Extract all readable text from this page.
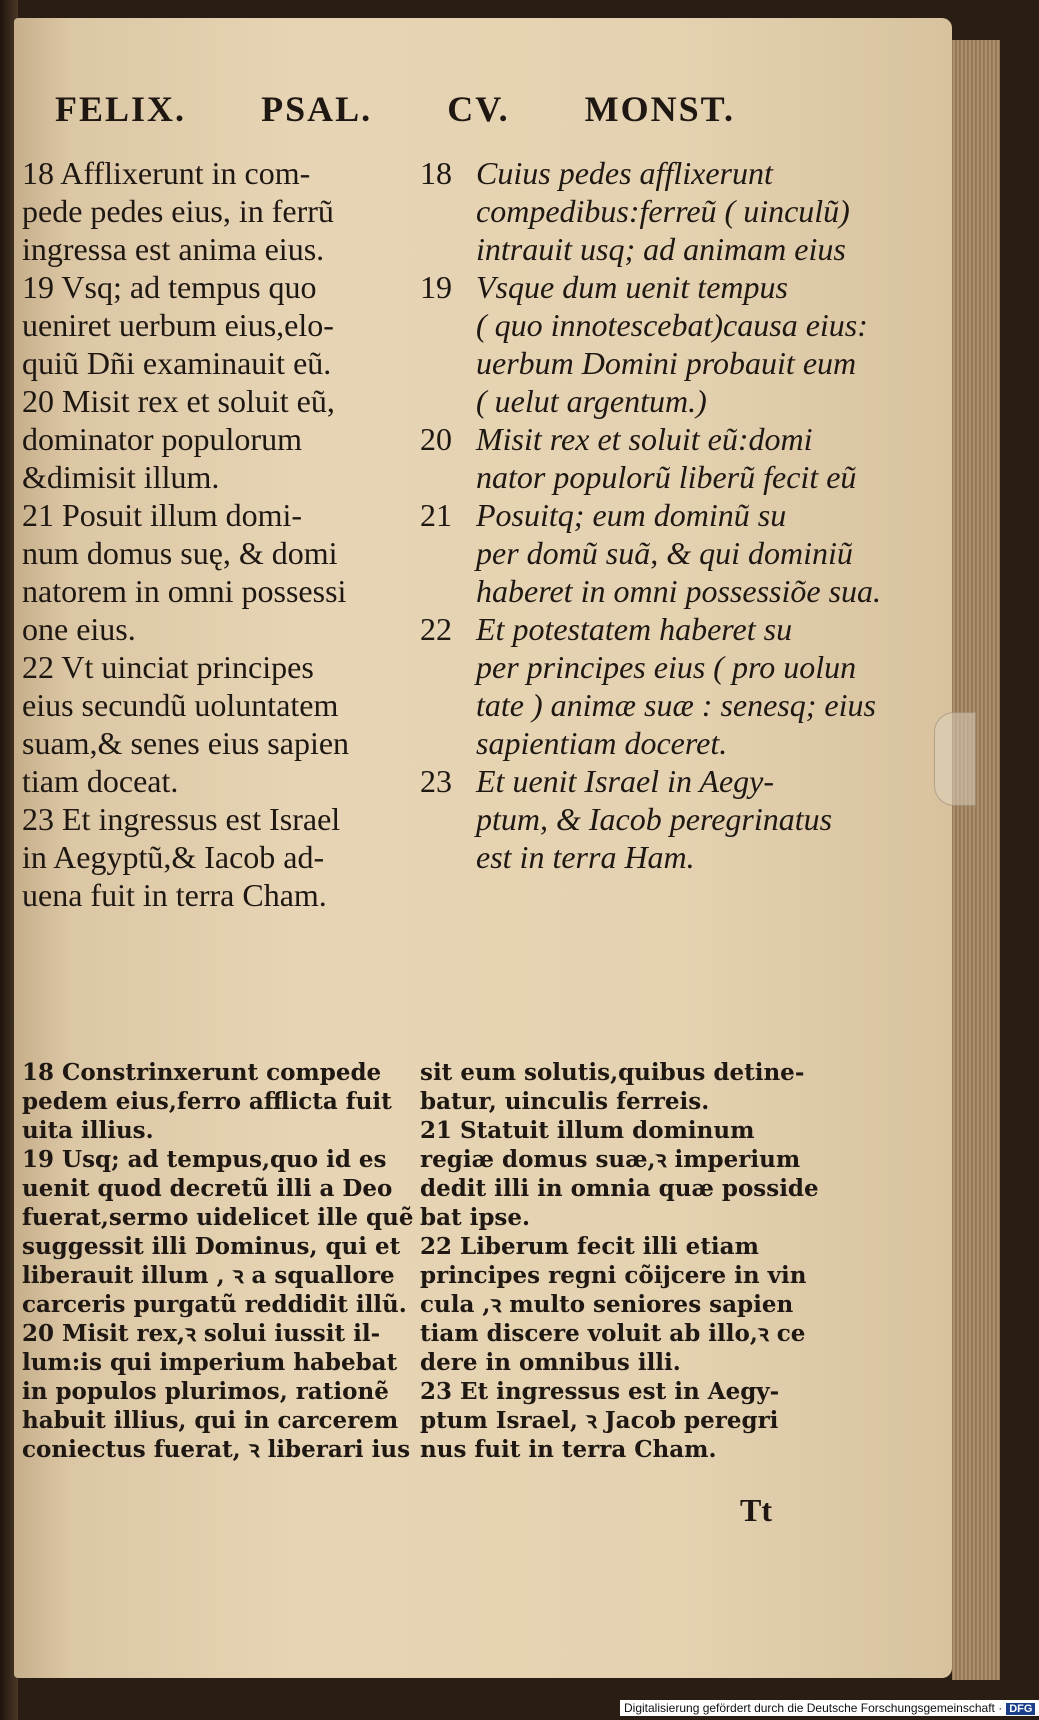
FELIX. PSAL. CV. MONST.
18 Afflixerunt in com-
pede pedes eius, in ferrũ
ingressa est anima eius.
19 Vsq; ad tempus quo
ueniret uerbum eius,elo-
quiũ Dñi examinauit eũ.
20 Misit rex et soluit eũ,
dominator populorum
&dimisit illum.
21 Posuit illum domi-
num domus suę, & domi
natorem in omni possessi
one eius.
22 Vt uinciat principes
eius secundũ uoluntatem
suam,& senes eius sapien
tiam doceat.
23 Et ingressus est Israel
in Aegyptũ,& Iacob ad-
uena fuit in terra Cham.
18 Cuius pedes afflixerunt
compedibus:ferreũ ( uinculũ)
intrauit usq; ad animam eius
19 Vsque dum uenit tempus
( quo innotescebat)causa eius:
uerbum Domini probauit eum
( uelut argentum.)
20 Misit rex et soluit eũ:domi
nator populorũ liberũ fecit eũ
21 Posuitq; eum dominũ su
per domũ suã, & qui dominiũ
haberet in omni possessiõe sua.
22 Et potestatem haberet su
per principes eius ( pro uolun
tate ) animæ suæ : senesq; eius
sapientiam doceret.
23 Et uenit Israel in Aegy-
ptum, & Iacob peregrinatus
est in terra Ham.
18 Constrinxerunt compede
pedem eius,ferro afflicta fuit
uita illius.
19 Usq; ad tempus,quo id es
uenit quod decretũ illi a Deo
fuerat,sermo uidelicet ille quẽ
suggessit illi Dominus, qui et
liberauit illum , ꝛ a squallore
carceris purgatũ reddidit illũ.
20 Misit rex,ꝛ solui iussit il-
lum:is qui imperium habebat
in populos plurimos, rationẽ
habuit illius, qui in carcerem
coniectus fuerat, ꝛ liberari ius
sit eum solutis,quibus detine-
batur, uinculis ferreis.
21 Statuit illum dominum
regiæ domus suæ,ꝛ imperium
dedit illi in omnia quæ posside
bat ipse.
22 Liberum fecit illi etiam
principes regni cõijcere in vin
cula ,ꝛ multo seniores sapien
tiam discere voluit ab illo,ꝛ ce
dere in omnibus illi.
23 Et ingressus est in Aegy-
ptum Israel, ꝛ Jacob peregri
nus fuit in terra Cham.
Tt
Digitalisierung gefördert durch die Deutsche Forschungsgemeinschaft · DFG
